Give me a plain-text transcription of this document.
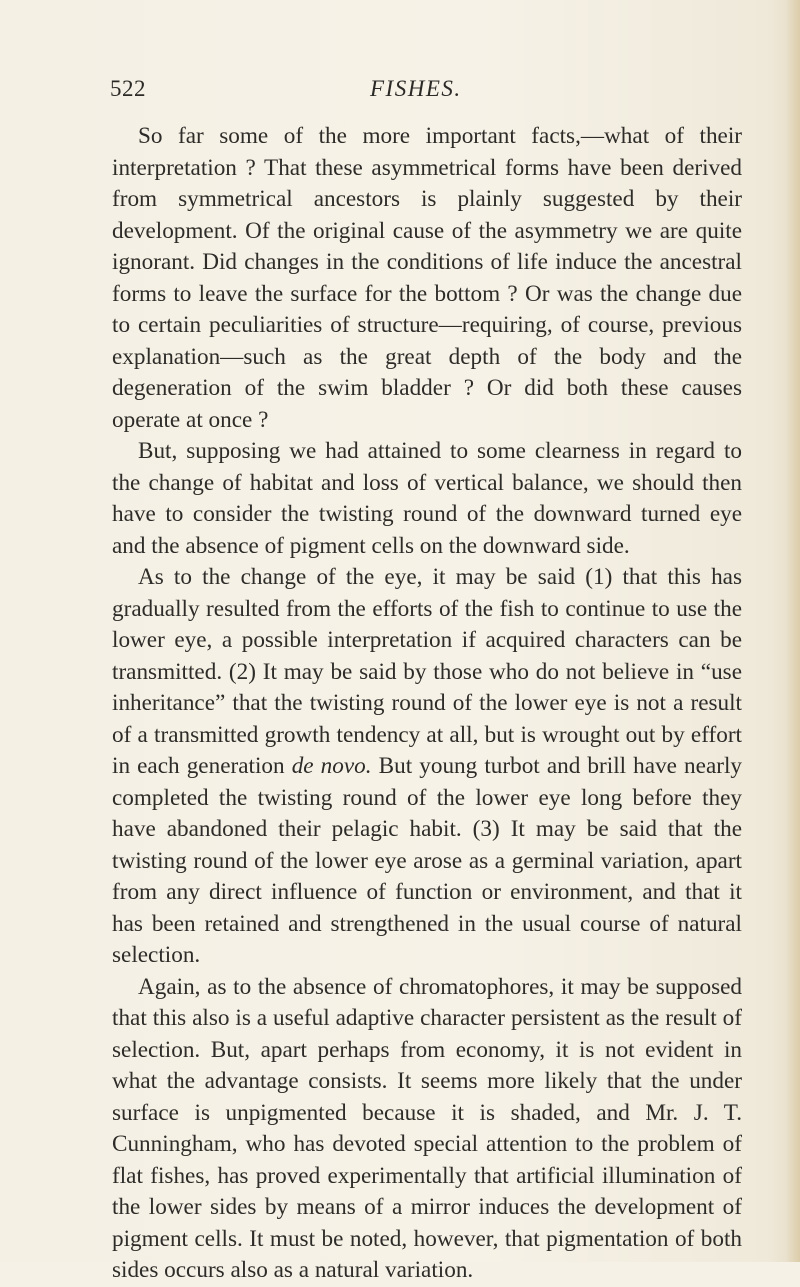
522	FISHES.

So far some of the more important facts,—what of their interpretation ? That these asymmetrical forms have been derived from symmetrical ancestors is plainly suggested by their development. Of the original cause of the asymmetry we are quite ignorant. Did changes in the conditions of life induce the ancestral forms to leave the surface for the bottom ? Or was the change due to certain peculiarities of structure—requiring, of course, previous explanation—such as the great depth of the body and the degeneration of the swim bladder ? Or did both these causes operate at once ?

But, supposing we had attained to some clearness in regard to the change of habitat and loss of vertical balance, we should then have to consider the twisting round of the downward turned eye and the absence of pigment cells on the downward side.

As to the change of the eye, it may be said (1) that this has gradually resulted from the efforts of the fish to continue to use the lower eye, a possible interpretation if acquired characters can be transmitted. (2) It may be said by those who do not believe in “use inheritance” that the twisting round of the lower eye is not a result of a transmitted growth tendency at all, but is wrought out by effort in each generation de novo. But young turbot and brill have nearly completed the twisting round of the lower eye long before they have abandoned their pelagic habit. (3) It may be said that the twisting round of the lower eye arose as a germinal variation, apart from any direct influence of function or environment, and that it has been retained and strengthened in the usual course of natural selection.

Again, as to the absence of chromatophores, it may be supposed that this also is a useful adaptive character persistent as the result of selection. But, apart perhaps from economy, it is not evident in what the advantage consists. It seems more likely that the under surface is unpigmented because it is shaded, and Mr. J. T. Cunningham, who has devoted special attention to the problem of flat fishes, has proved experimentally that artificial illumination of the lower sides by means of a mirror induces the development of pigment cells. It must be noted, however, that pigmentation of both sides occurs also as a natural variation.
